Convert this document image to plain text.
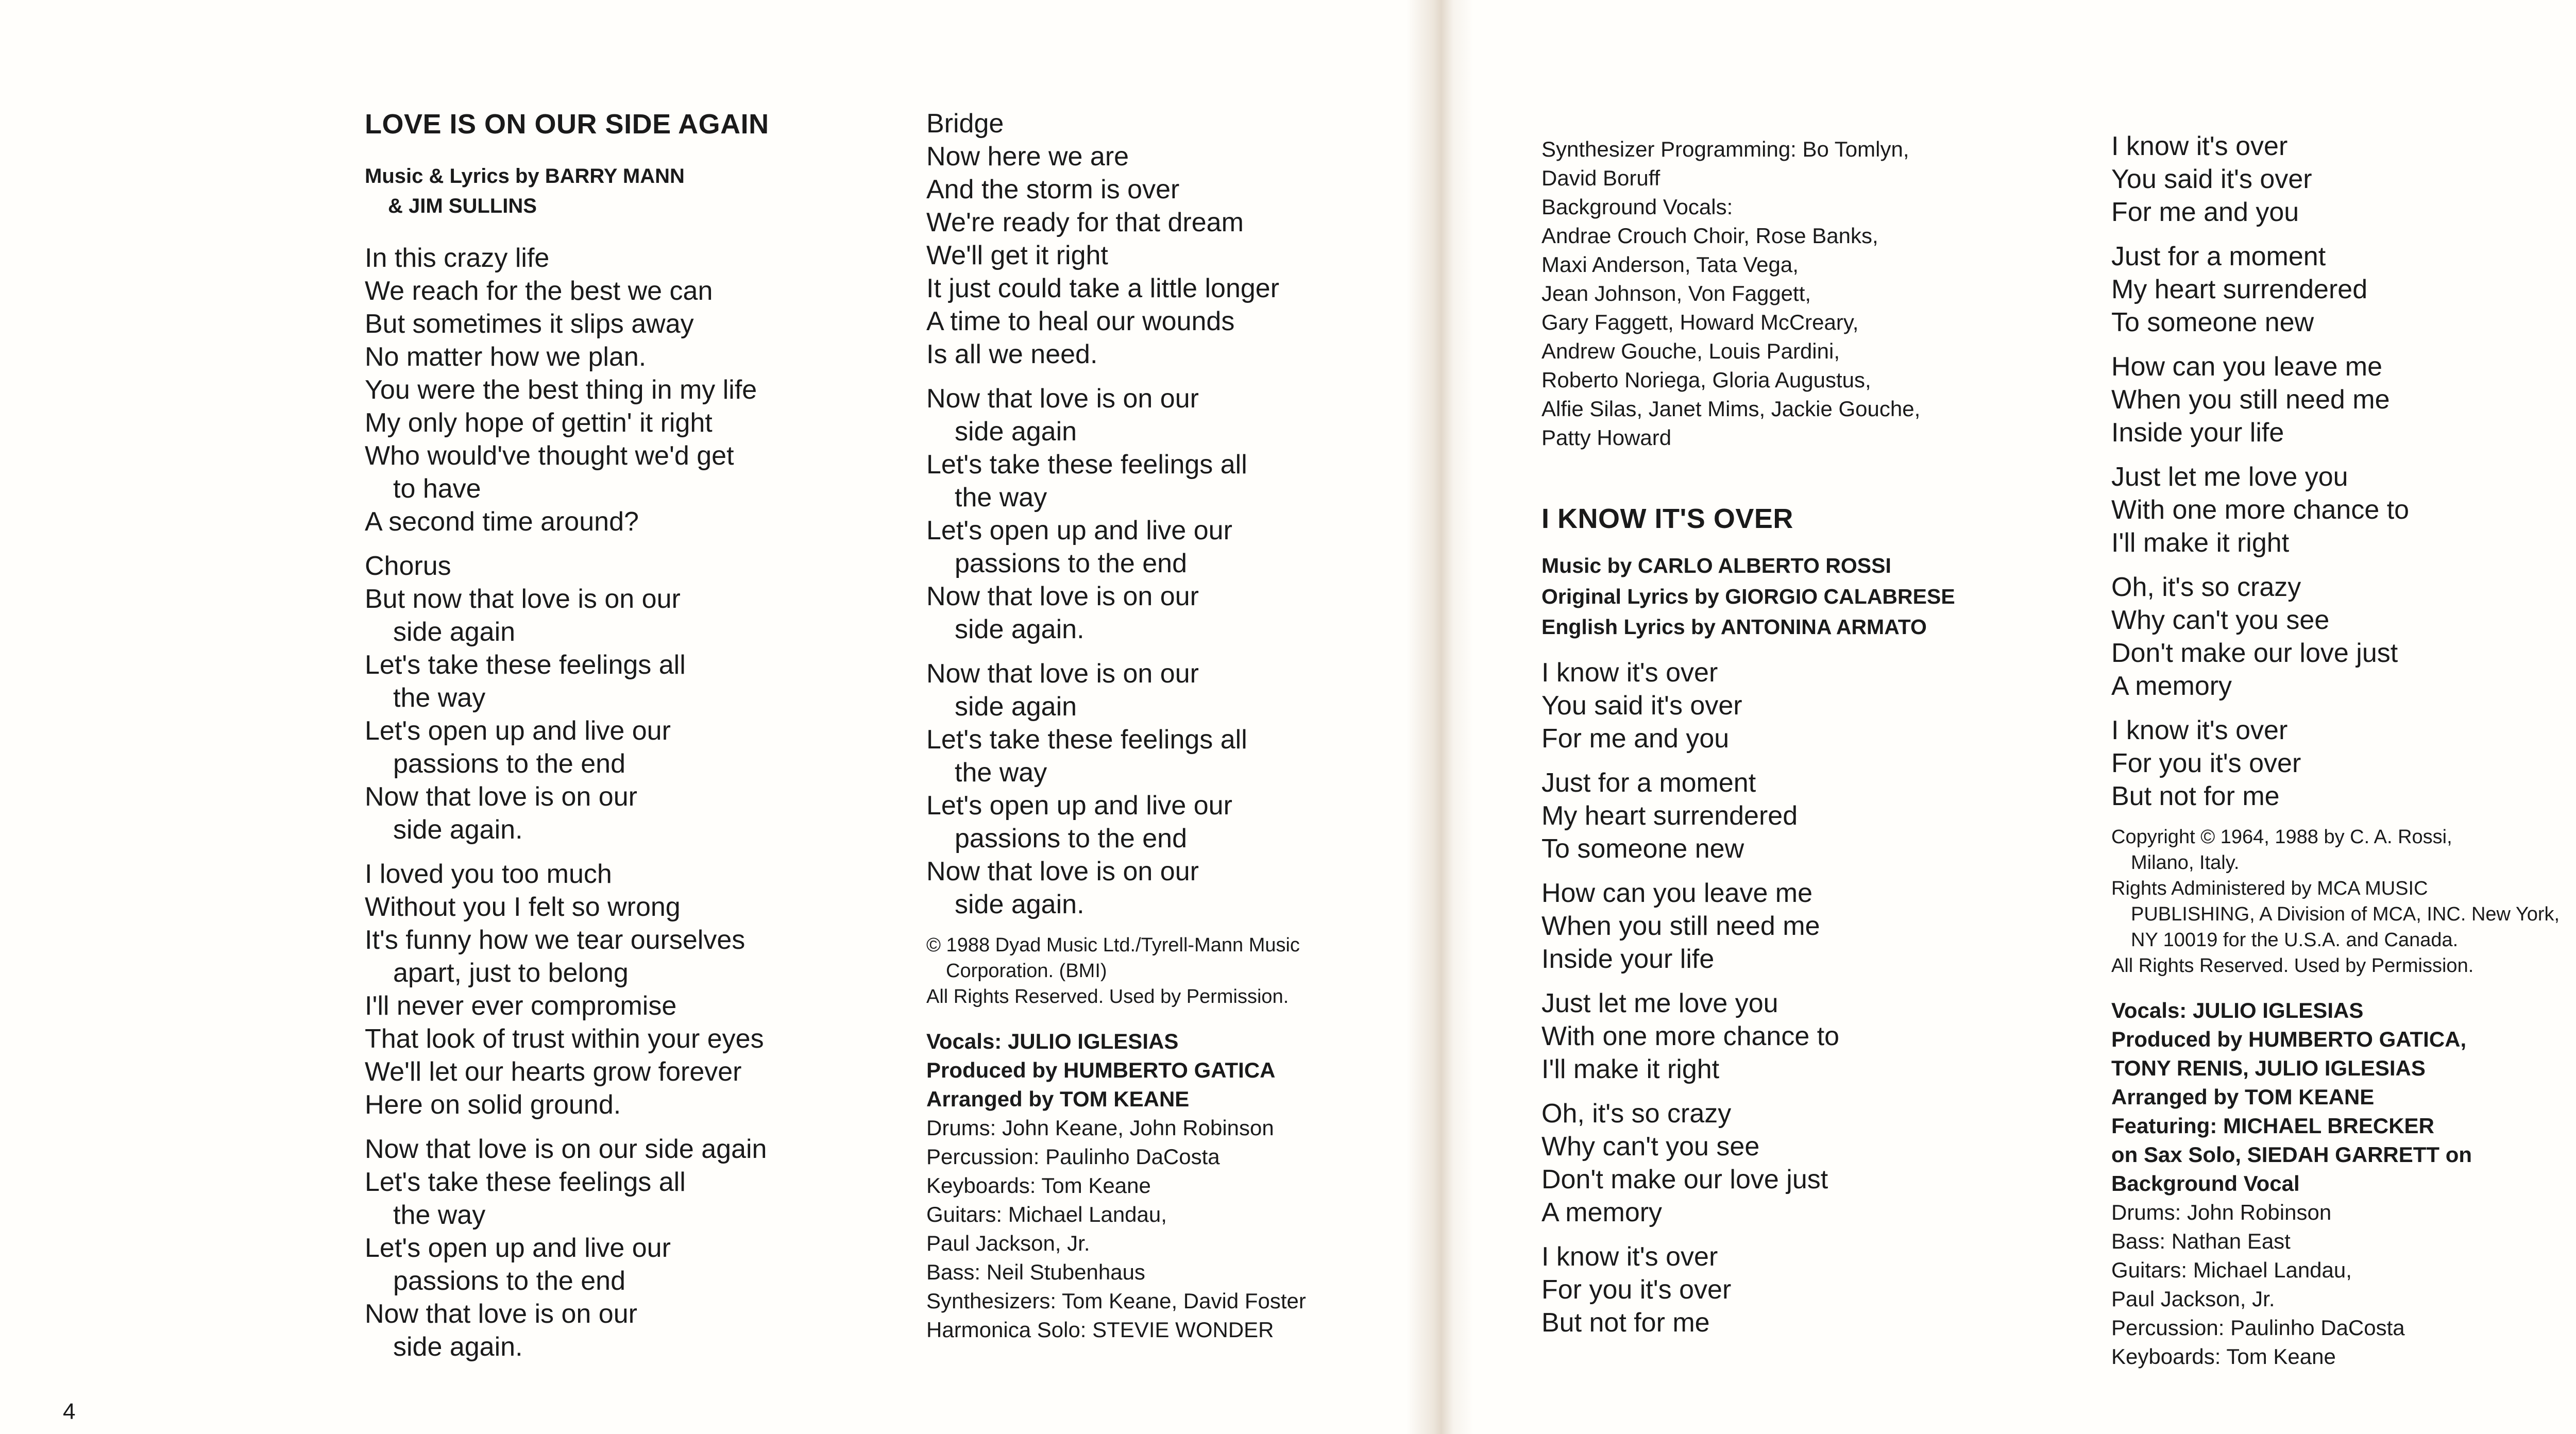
LOVE IS ON OUR SIDE AGAIN
Music & Lyrics by BARRY MANN
& JIM SULLINS
In this crazy life
We reach for the best we can
But sometimes it slips away
No matter how we plan.
You were the best thing in my life
My only hope of gettin' it right
Who would've thought we'd get
to have
A second time around?
Chorus
But now that love is on our
side again
Let's take these feelings all
the way
Let's open up and live our
passions to the end
Now that love is on our
side again.
I loved you too much
Without you I felt so wrong
It's funny how we tear ourselves
apart, just to belong
I'll never ever compromise
That look of trust within your eyes
We'll let our hearts grow forever
Here on solid ground.
Now that love is on our side again
Let's take these feelings all
the way
Let's open up and live our
passions to the end
Now that love is on our
side again.
Bridge
Now here we are
And the storm is over
We're ready for that dream
We'll get it right
It just could take a little longer
A time to heal our wounds
Is all we need.
Now that love is on our
side again
Let's take these feelings all
the way
Let's open up and live our
passions to the end
Now that love is on our
side again.
Now that love is on our
side again
Let's take these feelings all
the way
Let's open up and live our
passions to the end
Now that love is on our
side again.
© 1988 Dyad Music Ltd./Tyrell-Mann Music
Corporation. (BMI)
All Rights Reserved. Used by Permission.
Vocals: JULIO IGLESIAS
Produced by HUMBERTO GATICA
Arranged by TOM KEANE
Drums: John Keane, John Robinson
Percussion: Paulinho DaCosta
Keyboards: Tom Keane
Guitars: Michael Landau,
Paul Jackson, Jr.
Bass: Neil Stubenhaus
Synthesizers: Tom Keane, David Foster
Harmonica Solo: STEVIE WONDER
Synthesizer Programming: Bo Tomlyn,
David Boruff
Background Vocals:
Andrae Crouch Choir, Rose Banks,
Maxi Anderson, Tata Vega,
Jean Johnson, Von Faggett,
Gary Faggett, Howard McCreary,
Andrew Gouche, Louis Pardini,
Roberto Noriega, Gloria Augustus,
Alfie Silas, Janet Mims, Jackie Gouche,
Patty Howard
I KNOW IT'S OVER
Music by CARLO ALBERTO ROSSI
Original Lyrics by GIORGIO CALABRESE
English Lyrics by ANTONINA ARMATO
I know it's over
You said it's over
For me and you
Just for a moment
My heart surrendered
To someone new
How can you leave me
When you still need me
Inside your life
Just let me love you
With one more chance to
I'll make it right
Oh, it's so crazy
Why can't you see
Don't make our love just
A memory
I know it's over
For you it's over
But not for me
I know it's over
You said it's over
For me and you
Just for a moment
My heart surrendered
To someone new
How can you leave me
When you still need me
Inside your life
Just let me love you
With one more chance to
I'll make it right
Oh, it's so crazy
Why can't you see
Don't make our love just
A memory
I know it's over
For you it's over
But not for me
Copyright © 1964, 1988 by C. A. Rossi,
Milano, Italy.
Rights Administered by MCA MUSIC
PUBLISHING, A Division of MCA, INC. New York,
NY 10019 for the U.S.A. and Canada.
All Rights Reserved. Used by Permission.
Vocals: JULIO IGLESIAS
Produced by HUMBERTO GATICA,
TONY RENIS, JULIO IGLESIAS
Arranged by TOM KEANE
Featuring: MICHAEL BRECKER
on Sax Solo, SIEDAH GARRETT on
Background Vocal
Drums: John Robinson
Bass: Nathan East
Guitars: Michael Landau,
Paul Jackson, Jr.
Percussion: Paulinho DaCosta
Keyboards: Tom Keane
4
